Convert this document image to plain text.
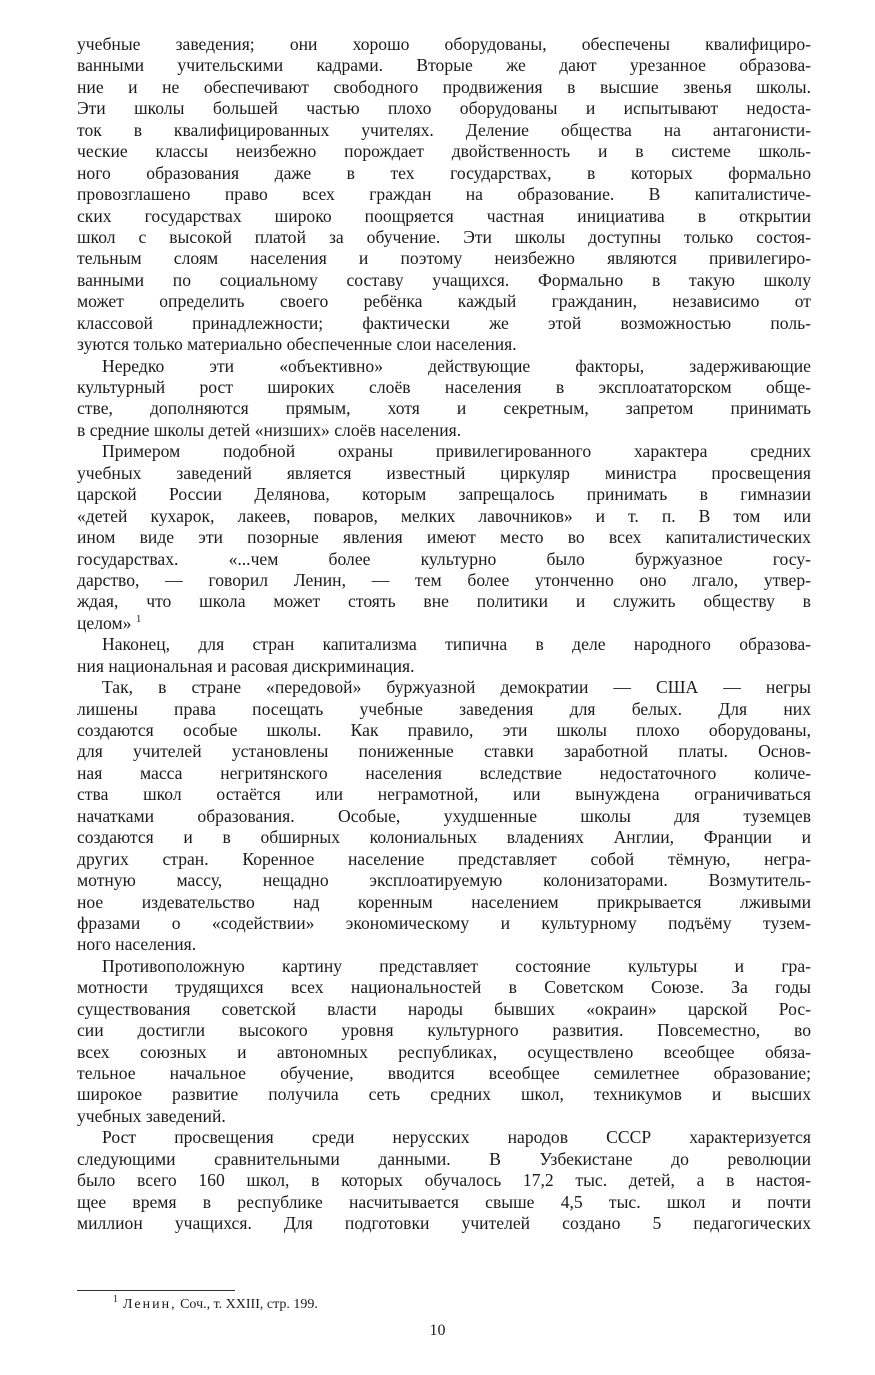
учебные заведения; они хорошо оборудованы, обеспечены квалифициро-
ванными учительскими кадрами. Вторые же дают урезанное образова-
ние и не обеспечивают свободного продвижения в высшие звенья школы.
Эти школы большей частью плохо оборудованы и испытывают недоста-
ток в квалифицированных учителях. Деление общества на антагонисти-
ческие классы неизбежно порождает двойственность и в системе школь-
ного образования даже в тех государствах, в которых формально
провозглашено право всех граждан на образование. В капиталистиче-
ских государствах широко поощряется частная инициатива в открытии
школ с высокой платой за обучение. Эти школы доступны только состоя-
тельным слоям населения и поэтому неизбежно являются привилегиро-
ванными по социальному составу учащихся. Формально в такую школу
может определить своего ребёнка каждый гражданин, независимо от
классовой принадлежности; фактически же этой возможностью поль-
зуются только материально обеспеченные слои населения.
Нередко эти «объективно» действующие факторы, задерживающие
культурный рост широких слоёв населения в эксплоататорском обще-
стве, дополняются прямым, хотя и секретным, запретом принимать
в средние школы детей «низших» слоёв населения.
Примером подобной охраны привилегированного характера средних
учебных заведений является известный циркуляр министра просвещения
царской России Делянова, которым запрещалось принимать в гимназии
«детей кухарок, лакеев, поваров, мелких лавочников» и т. п. В том или
ином виде эти позорные явления имеют место во всех капиталистических
государствах. «...чем более культурно было буржуазное госу-
дарство, — говорил Ленин, — тем более утонченно оно лгало, утвер-
ждая, что школа может стоять вне политики и служить обществу в
целом» $^1$
Наконец, для стран капитализма типична в деле народного образова-
ния национальная и расовая дискриминация.
Так, в стране «передовой» буржуазной демократии — США — негры
лишены права посещать учебные заведения для белых. Для них
создаются особые школы. Как правило, эти школы плохо оборудованы,
для учителей установлены пониженные ставки заработной платы. Основ-
ная масса негритянского населения вследствие недостаточного количе-
ства школ остаётся или неграмотной, или вынуждена ограничиваться
начатками образования. Особые, ухудшенные школы для туземцев
создаются и в обширных колониальных владениях Англии, Франции и
других стран. Коренное население представляет собой тёмную, негра-
мотную массу, нещадно эксплоатируемую колонизаторами. Возмутитель-
ное издевательство над коренным населением прикрывается лживыми
фразами о «содействии» экономическому и культурному подъёму тузем-
ного населения.
Противоположную картину представляет состояние культуры и гра-
мотности трудящихся всех национальностей в Советском Союзе. За годы
существования советской власти народы бывших «окраин» царской Рос-
сии достигли высокого уровня культурного развития. Повсеместно, во
всех союзных и автономных республиках, осуществлено всеобщее обяза-
тельное начальное обучение, вводится всеобщее семилетнее образование;
широкое развитие получила сеть средних школ, техникумов и высших
учебных заведений.
Рост просвещения среди нерусских народов СССР характеризуется
следующими сравнительными данными. В Узбекистане до революции
было всего 160 школ, в которых обучалось 17,2 тыс. детей, а в настоя-
щее время в республике насчитывается свыше 4,5 тыс. школ и почти
миллион учащихся. Для подготовки учителей создано 5 педагогических
$^1$ Ленин, Соч., т. XXIII, стр. 199.
10
